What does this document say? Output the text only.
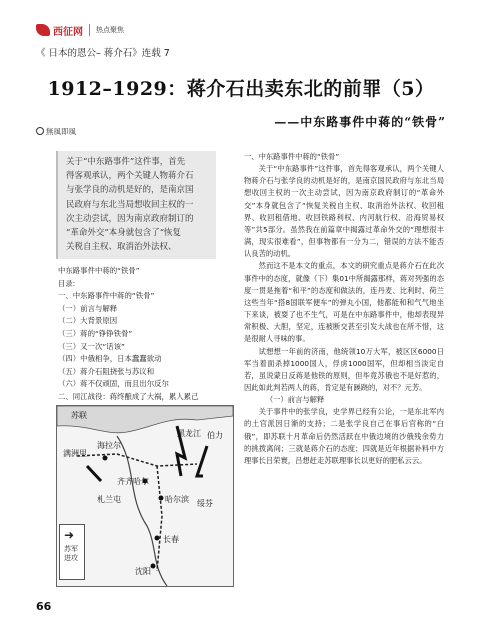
西征网 热点聚焦
《 日本的恩公– 蒋介石》连载 7
1912–1929：蒋介石出卖东北的前罪（5）
——中东路事件中蒋的“铁骨”
無風即風
关于“中东路事件”这件事，首先
得客观承认，两个关键人物蒋介石
与张学良的动机是好的，是南京国
民政府与东北当局想收回主权的一
次主动尝试，因为南京政府制订的
“革命外交”本身就包含了“恢复
关税自主权、取消治外法权、
中东路事件中蒋的“铁骨”
目录:
一、中东路事件中蒋的“铁骨”
（一）前言与解释
（二）大背景原因
（三）蒋的“铮铮铁骨”
（三）又一次“话该”
（四）中俄相争，日本蠢蠢欲动
（五）蒋介石阻挠张与苏议和
（六）蒋不仅顽固，而且出尔反尔
二、同江战役：蒋终酿成了大祸，累人累己
满洲里
海拉尔
札兰屯
齐齐哈尔
哈尔滨 绥芬
长春
沈阳
苏联
黑龙江 伯力
➜
苏军进攻

一、中东路事件中蒋的“铁骨”

关于“中东路事件”这件事，首先得客观承认，两个关键人物蒋介石与张学良的动机是好的，是南京国民政府与东北当局想收回主权的一次主动尝试，因为南京政府制订的“革命外交”本身就包含了“恢复关税自主权、取消治外法权、收回租界、收回租借地、收回铁路利权、内河航行权、沿海贸易权等”共5部分。虽然我在前篇章中揭露过革命外交的“理想很丰满，现实很难看”，但事物都有一分为二，错误的方法不能否认良苦的动机。

然而这不是本文的重点，本文的研究重点是蒋介石在此次事件中的态度，就像（下）集01中所揭露那样，蒋对列强的态度一贯是拖着“和平”的态度和做法的，连丹麦、比利时、荷兰这些当年“搭8国联军便车”的弹丸小国，他都能和和气气地坐下来谈，被耍了也不生气，可是在中东路事件中，他却表现异常积极、大胆，坚定，连被断交甚至引发大战也在所不惜，这是很耐人寻味的事。

试想想一年前的济南，他统领10万大军，被区区6000日军当着面杀掉1000国人，俘虏1000国军，但却相当淡定自若，虽说蒙日反蒋是他铁的原则，但毕竟苏俄也不是好惹的，因此如此判若两人的蒋，肯定是有蹊跷的，对不？元芳。

（一）前言与解释

关于事件中的张学良，史学界已经有公论，一是东北军内的土官派因日渐的支持；二是张学良自己在事后官称的“白俄”，即苏联十月革命后仍然活跃在中俄边境的沙俄残余势力的挑拨离间；三就是蒋介石的态度；四就是近年根据补料中方理事长吕荣寰，吕想赶走苏联理事长以更好的肥私云云。

66
